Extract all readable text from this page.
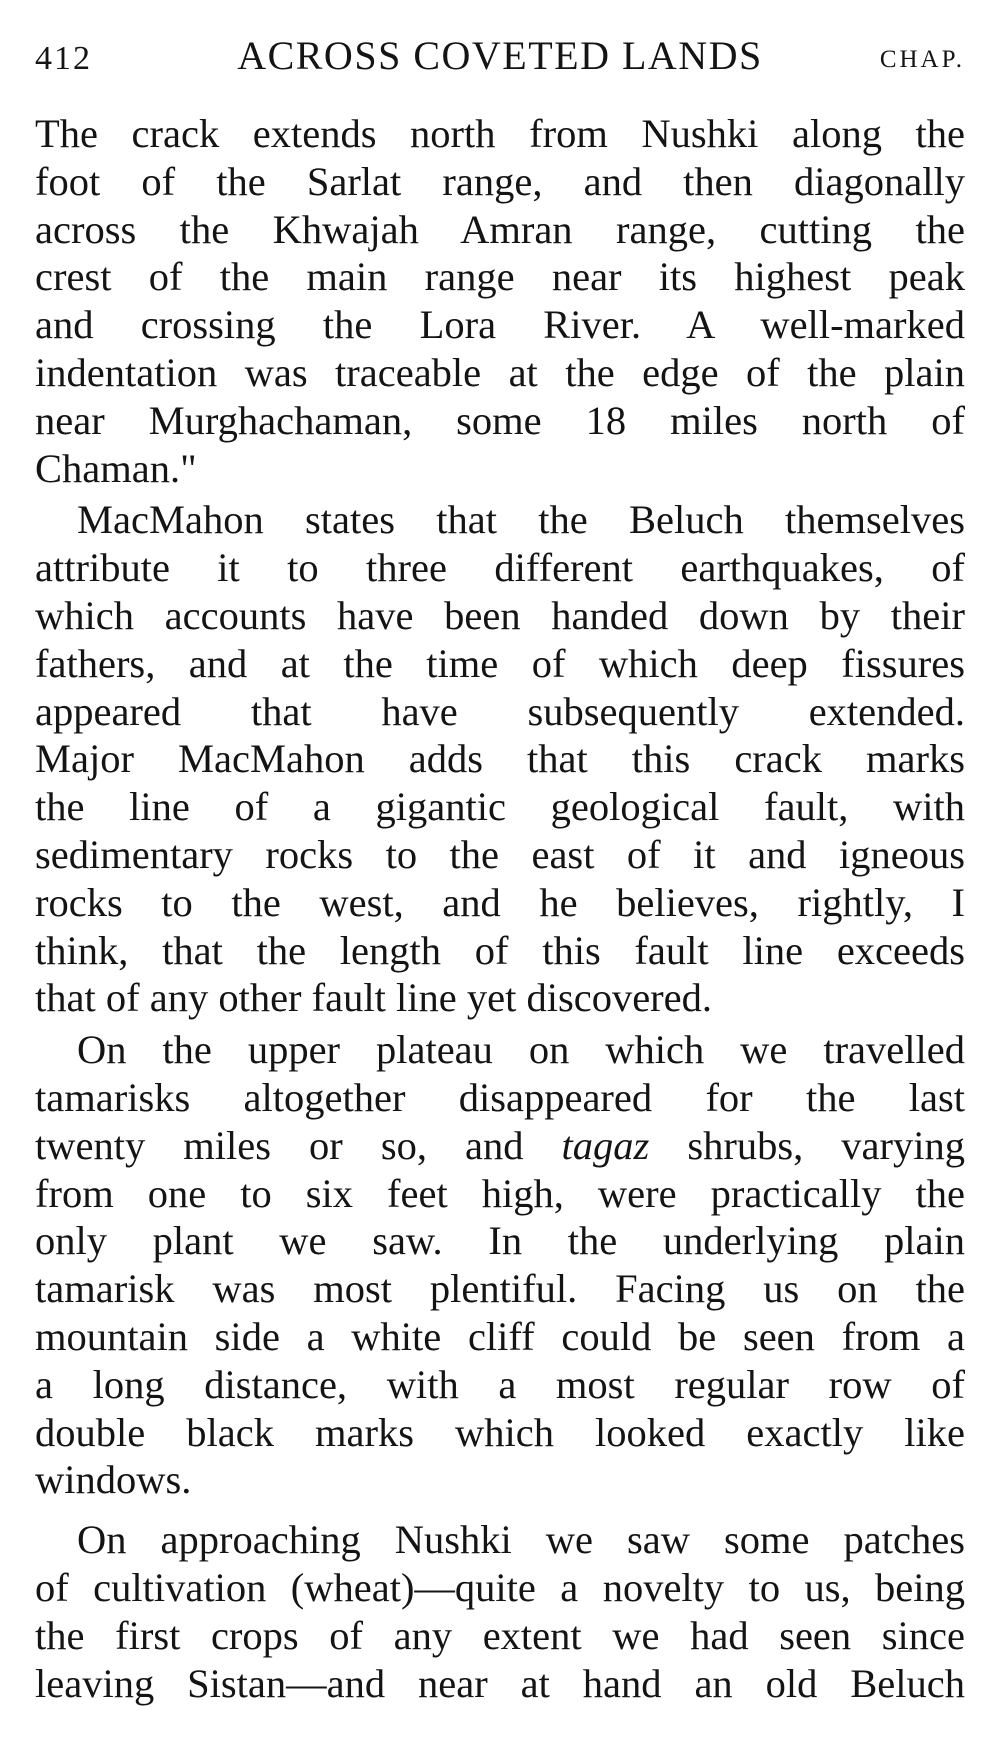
412	ACROSS COVETED LANDS	CHAP.
The crack extends north from Nushki along the
foot of the Sarlat range, and then diagonally
across the Khwajah Amran range, cutting the
crest of the main range near its highest peak
and crossing the Lora River. A well-marked
indentation was traceable at the edge of the plain
near Murghachaman, some 18 miles north of
Chaman."
MacMahon states that the Beluch themselves
attribute it to three different earthquakes, of
which accounts have been handed down by their
fathers, and at the time of which deep fissures
appeared that have subsequently extended.
Major MacMahon adds that this crack marks
the line of a gigantic geological fault, with
sedimentary rocks to the east of it and igneous
rocks to the west, and he believes, rightly, I
think, that the length of this fault line exceeds
that of any other fault line yet discovered.
On the upper plateau on which we travelled
tamarisks altogether disappeared for the last
twenty miles or so, and tagaz shrubs, varying
from one to six feet high, were practically the
only plant we saw. In the underlying plain
tamarisk was most plentiful. Facing us on the
mountain side a white cliff could be seen from a
a long distance, with a most regular row of
double black marks which looked exactly like
windows.
On approaching Nushki we saw some patches
of cultivation (wheat)—quite a novelty to us, being
the first crops of any extent we had seen since
leaving Sistan—and near at hand an old Beluch
